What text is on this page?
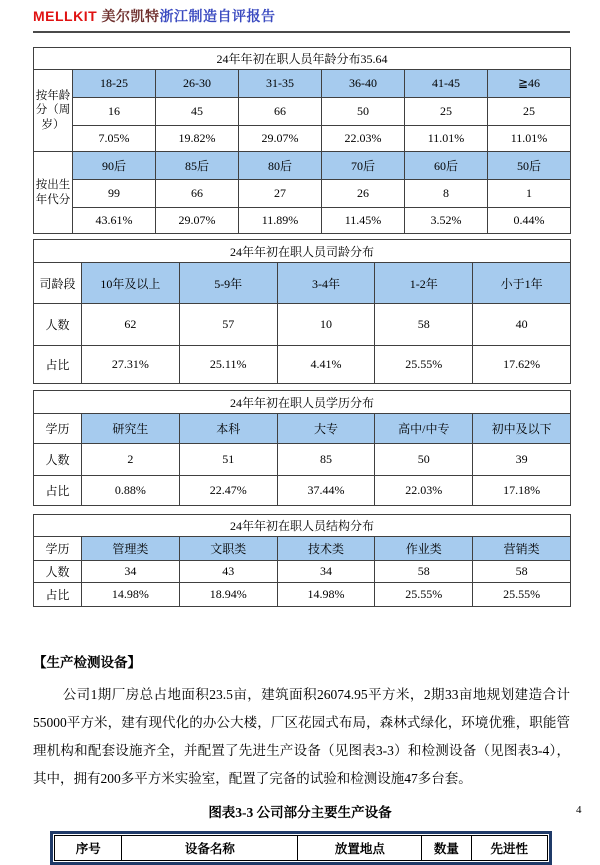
MELLKIT 美尔凯特浙江制造自评报告
24年年初在职人员年龄分布35.64						
按年龄分（周岁）	18-25	26-30	31-35	36-40	41-45	≧46
	16	45	66	50	25	25
	7.05%	19.82%	29.07%	22.03%	11.01%	11.01%
按出生年代分	90后	85后	80后	70后	60后	50后
	99	66	27	26	8	1
	43.61%	29.07%	11.89%	11.45%	3.52%	0.44%
24年年初在职人员司龄分布					
司龄段	10年及以上	5-9年	3-4年	1-2年	小于1年
人数	62	57	10	58	40
占比	27.31%	25.11%	4.41%	25.55%	17.62%
24年年初在职人员学历分布					
学历	研究生	本科	大专	高中/中专	初中及以下
人数	2	51	85	50	39
占比	0.88%	22.47%	37.44%	22.03%	17.18%
24年年初在职人员结构分布					
学历	管理类	文职类	技术类	作业类	营销类
人数	34	43	34	58	58
占比	14.98%	18.94%	14.98%	25.55%	25.55%
【生产检测设备】
公司1期厂房总占地面积23.5亩，建筑面积26074.95平方米，2期33亩地规划建造合计55000平方米，建有现代化的办公大楼，厂区花园式布局，森林式绿化，环境优雅，职能管理机构和配套设施齐全，并配置了先进生产设备（见图表3-3）和检测设备（见图表3-4），其中，拥有200多平方米实验室，配置了完备的试验和检测设施47多台套。
图表3-3 公司部分主要生产设备
序号	设备名称	放置地点	数量	先进性
4
